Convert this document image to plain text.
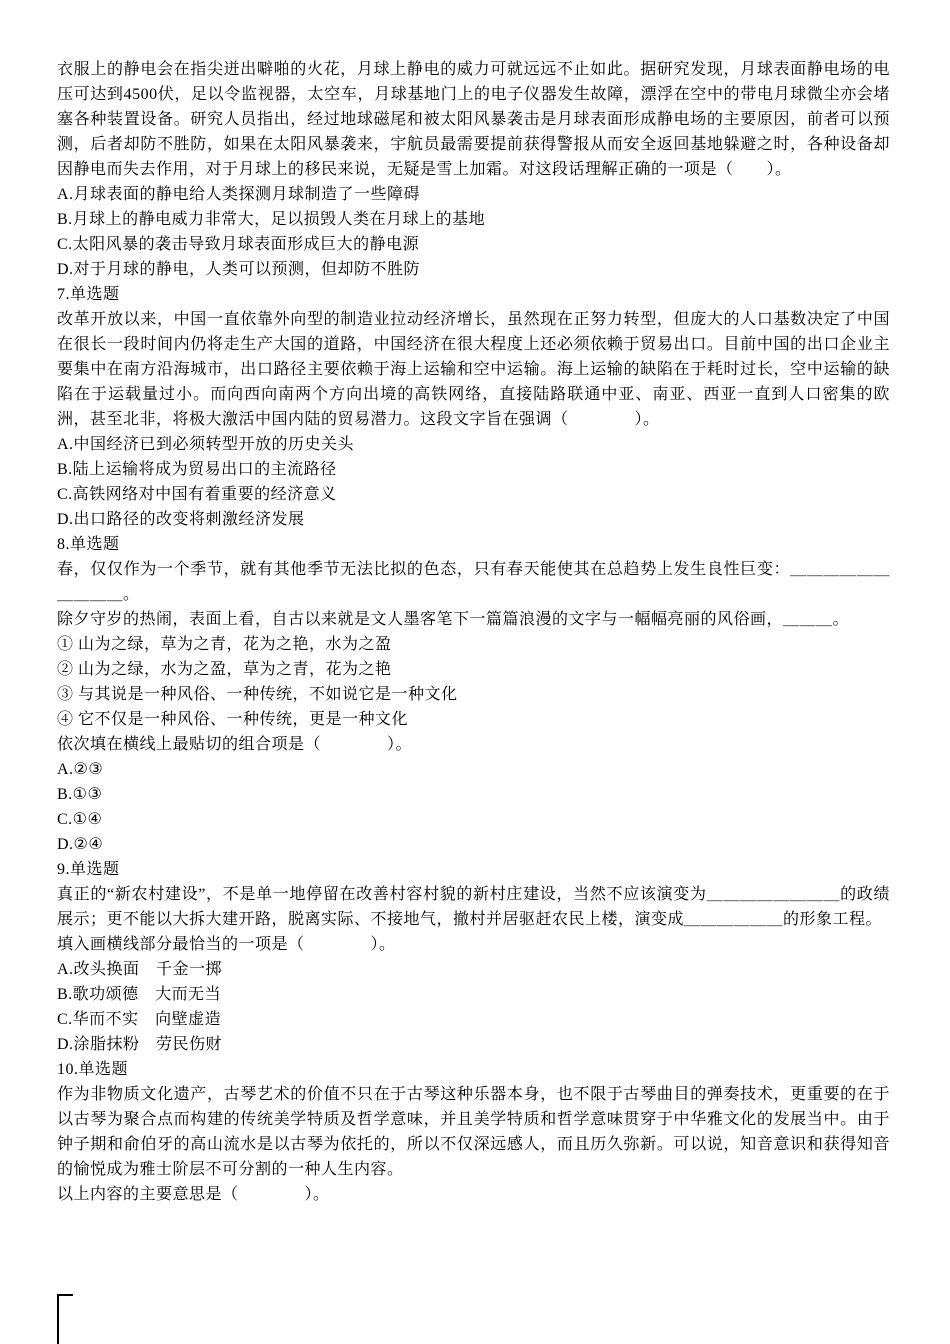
衣服上的静电会在指尖迸出噼啪的火花，月球上静电的威力可就远远不止如此。据研究发现，月球表面静电场的电压可达到4500伏，足以令监视器，太空车，月球基地门上的电子仪器发生故障，漂浮在空中的带电月球微尘亦会堵塞各种装置设备。研究人员指出，经过地球磁尾和被太阳风暴袭击是月球表面形成静电场的主要原因，前者可以预测，后者却防不胜防，如果在太阳风暴袭来，宇航员最需要提前获得警报从而安全返回基地躲避之时，各种设备却因静电而失去作用，对于月球上的移民来说，无疑是雪上加霜。对这段话理解正确的一项是（　　）。
A.月球表面的静电给人类探测月球制造了一些障碍
B.月球上的静电威力非常大，足以损毁人类在月球上的基地
C.太阳风暴的袭击导致月球表面形成巨大的静电源
D.对于月球的静电，人类可以预测，但却防不胜防
7.单选题
改革开放以来，中国一直依靠外向型的制造业拉动经济增长，虽然现在正努力转型，但庞大的人口基数决定了中国在很长一段时间内仍将走生产大国的道路，中国经济在很大程度上还必须依赖于贸易出口。目前中国的出口企业主要集中在南方沿海城市，出口路径主要依赖于海上运输和空中运输。海上运输的缺陷在于耗时过长，空中运输的缺陷在于运载量过小。而向西向南两个方向出境的高铁网络，直接陆路联通中亚、南亚、西亚一直到人口密集的欧洲，甚至北非，将极大激活中国内陆的贸易潜力。这段文字旨在强调（　　　　）。
A.中国经济已到必须转型开放的历史关头
B.陆上运输将成为贸易出口的主流路径
C.高铁网络对中国有着重要的经济意义
D.出口路径的改变将刺激经济发展
8.单选题
春，仅仅作为一个季节，就有其他季节无法比拟的色态，只有春天能使其在总趋势上发生良性巨变：＿＿＿＿＿＿＿＿＿＿。
除夕守岁的热闹，表面上看，自古以来就是文人墨客笔下一篇篇浪漫的文字与一幅幅亮丽的风俗画，＿＿＿。
① 山为之绿，草为之青，花为之艳，水为之盈
② 山为之绿，水为之盈，草为之青，花为之艳
③ 与其说是一种风俗、一种传统，不如说它是一种文化
④ 它不仅是一种风俗、一种传统，更是一种文化
依次填在横线上最贴切的组合项是（　　　　）。
A.②③
B.①③
C.①④
D.②④
9.单选题
真正的“新农村建设”，不是单一地停留在改善村容村貌的新村庄建设，当然不应该演变为＿＿＿＿＿＿＿＿的政绩展示；更不能以大拆大建开路，脱离实际、不接地气，撤村并居驱赶农民上楼，演变成＿＿＿＿＿＿的形象工程。
填入画横线部分最恰当的一项是（　　　　）。
A.改头换面　千金一掷
B.歌功颂德　大而无当
C.华而不实　向壁虚造
D.涂脂抹粉　劳民伤财
10.单选题
作为非物质文化遗产，古琴艺术的价值不只在于古琴这种乐器本身，也不限于古琴曲目的弹奏技术，更重要的在于以古琴为聚合点而构建的传统美学特质及哲学意味，并且美学特质和哲学意味贯穿于中华雅文化的发展当中。由于钟子期和俞伯牙的高山流水是以古琴为依托的，所以不仅深远感人，而且历久弥新。可以说，知音意识和获得知音的愉悦成为雅士阶层不可分割的一种人生内容。
以上内容的主要意思是（　　　　）。
